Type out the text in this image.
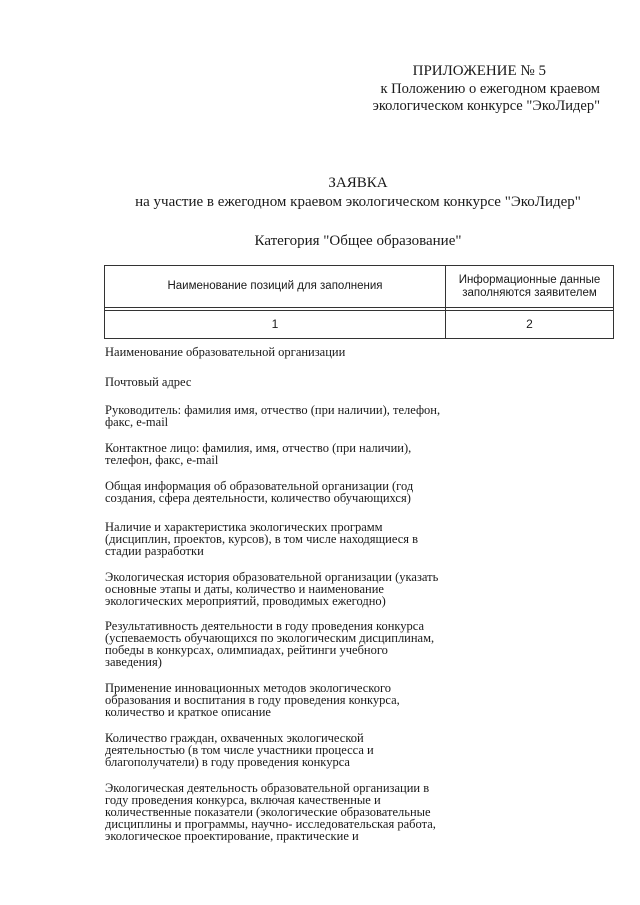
ПРИЛОЖЕНИЕ № 5
к Положению о ежегодном краевом
экологическом конкурсе "ЭкоЛидер"
ЗАЯВКА
на участие в ежегодном краевом экологическом конкурсе "ЭкоЛидер"
Категория "Общее образование"
Наименование позиций для заполнения	Информационные данные
заполняются заявителем

1	2
Наименование образовательной организации
Почтовый адрес
Руководитель: фамилия имя, отчество (при наличии), телефон,
факс, e-mail
Контактное лицо: фамилия, имя, отчество (при наличии),
телефон, факс, e-mail
Общая информация об образовательной организации (год
создания, сфера деятельности, количество обучающихся)
Наличие и характеристика экологических программ
(дисциплин, проектов, курсов), в том числе находящиеся в
стадии разработки
Экологическая история образовательной организации (указать
основные этапы и даты, количество и наименование
экологических мероприятий, проводимых ежегодно)
Результативность деятельности в году проведения конкурса
(успеваемость обучающихся по экологическим дисциплинам,
победы в конкурсах, олимпиадах, рейтинги учебного
заведения)
Применение инновационных методов экологического
образования и воспитания в году проведения конкурса,
количество и краткое описание
Количество граждан, охваченных экологической
деятельностью (в том числе участники процесса и
благополучатели) в году проведения конкурса
Экологическая деятельность образовательной организации в
году проведения конкурса, включая качественные и
количественные показатели (экологические образовательные
дисциплины и программы, научно- исследовательская работа,
экологическое проектирование, практические и
